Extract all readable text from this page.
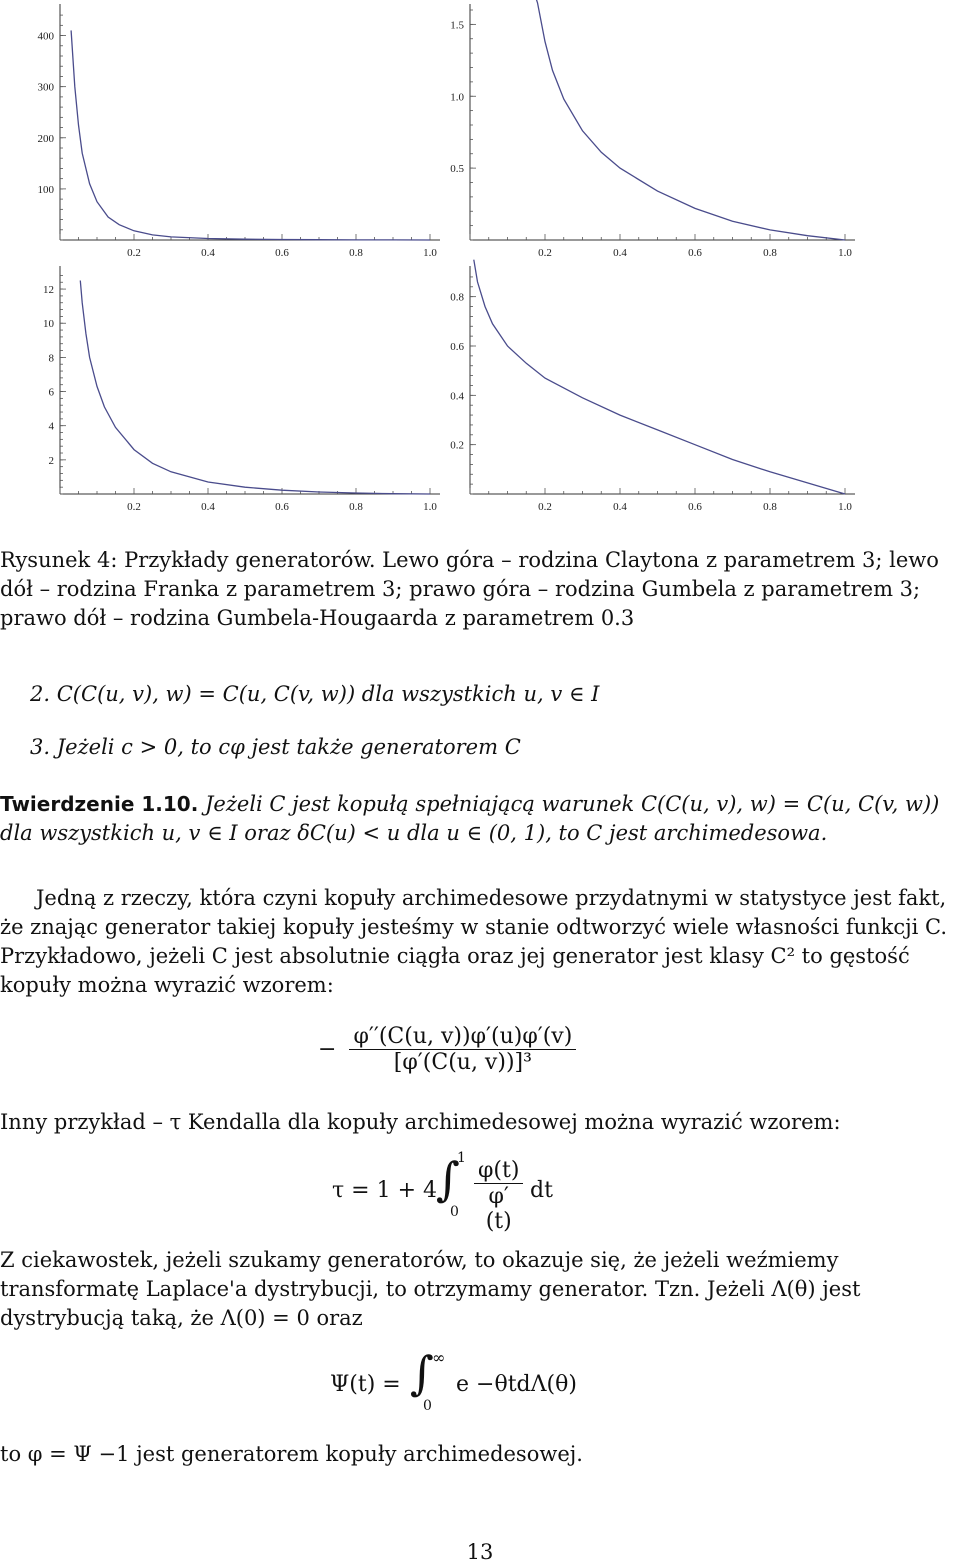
0.2	0.4	0.6	0.8	1.0
100
200
300
400
0.2	0.4	0.6	0.8	1.0
0.5
1.0
1.5
0.2	0.4	0.6	0.8	1.0
2
4
6
8
10
12
0.2	0.4	0.6	0.8	1.0
0.2
0.4
0.6
0.8
Rysunek 4: Przykłady generatorów. Lewo góra – rodzina Claytona z parametrem 3; lewo dół – rodzina Franka z parametrem 3; prawo góra – rodzina Gumbela z parametrem 3; prawo dół – rodzina Gumbela-Hougaarda z parametrem 0.3
2. C(C(u, v), w) = C(u, C(v, w)) dla wszystkich u, v ∈ I
3. Jeżeli c > 0, to cφ jest także generatorem C
Twierdzenie 1.10. Jeżeli C jest kopułą spełniającą warunek C(C(u, v), w) = C(u, C(v, w)) dla wszystkich u, v ∈ I oraz δC(u) < u dla u ∈ (0, 1), to C jest archimedesowa.
Jedną z rzeczy, która czyni kopuły archimedesowe przydatnymi w statystyce jest fakt, że znając generator takiej kopuły jesteśmy w stanie odtworzyć wiele własności funkcji C. Przykładowo, jeżeli C jest absolutnie ciągła oraz jej generator jest klasy C² to gęstość kopuły można wyrazić wzorem:
− $\frac{\varphi''(C(u, v))\varphi'(u)\varphi'(v)}{\text{[φ′(C(u, v))]³}}$
Inny przykład – τ Kendalla dla kopuły archimedesowej można wyrazić wzorem:
τ = 1 + 4
∫
1
$0 \frac{\varphi(t)}{\varphi'(t)}$ dt
Z ciekawostek, jeżeli szukamy generatorów, to okazuje się, że jeżeli weźmiemy transformatę Laplace'a dystrybucji, to otrzymamy generator. Tzn. Jeżeli Λ(θ) jest dystrybucją taką, że Λ(0) = 0 oraz
Ψ(t) = ∫
∞
0
e −θtdΛ(θ)
to φ = Ψ −1 jest generatorem kopuły archimedesowej.
13
